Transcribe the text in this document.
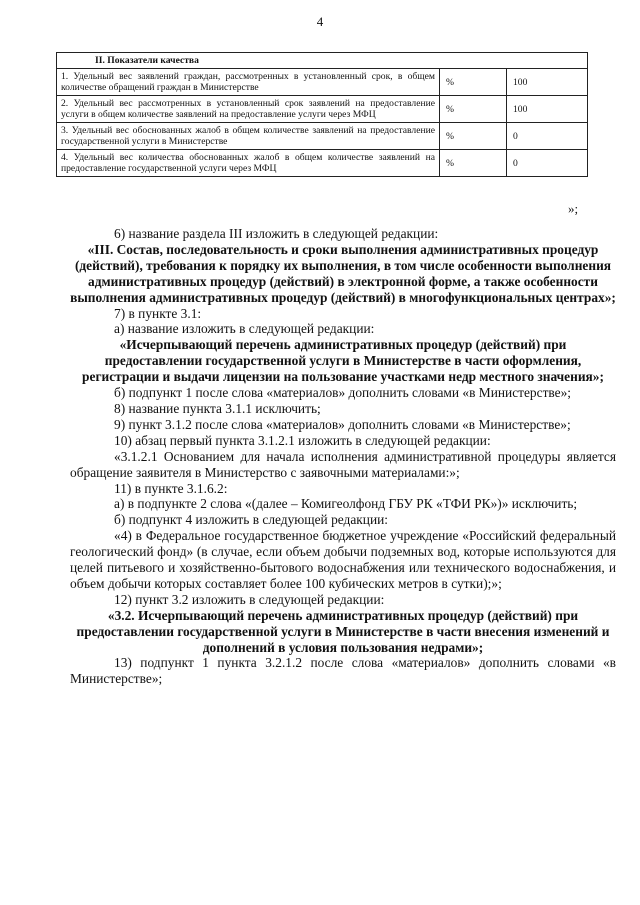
4
II. Показатели качества		
1. Удельный вес заявлений граждан, рассмотренных в установленный срок, в общем количестве обращений граждан в Министерстве	%	100
2. Удельный вес рассмотренных в установленный срок заявлений на предоставление услуги в общем количестве заявлений на предоставление услуги через МФЦ	%	100
3. Удельный вес обоснованных жалоб в общем количестве заявлений на предоставление государственной услуги в Министерстве	%	0
4. Удельный вес количества обоснованных жалоб в общем количестве заявлений на предоставление государственной услуги через МФЦ	%	0
»;

6) название раздела III изложить в следующей редакции:

«III. Состав, последовательность и сроки выполнения административных процедур (действий), требования к порядку их выполнения, в том числе особенности выполнения административных процедур (действий) в электронной форме, а также особенности выполнения административных процедур (действий) в многофункциональных центрах»;

7) в пункте 3.1:

а) название изложить в следующей редакции:

«Исчерпывающий перечень административных процедур (действий) при предоставлении государственной услуги в Министерстве в части оформления, регистрации и выдачи лицензии на пользование участками недр местного значения»;

б) подпункт 1 после слова «материалов» дополнить словами «в Министерстве»;

8) название пункта 3.1.1 исключить;

9) пункт 3.1.2 после слова «материалов» дополнить словами «в Министерстве»;

10) абзац первый пункта 3.1.2.1 изложить в следующей редакции:

«3.1.2.1 Основанием для начала исполнения административной процедуры является обращение заявителя в Министерство с заявочными материалами:»;

11) в пункте 3.1.6.2:

а) в подпункте 2 слова «(далее – Комигеолфонд ГБУ РК «ТФИ РК»)» исключить;

б) подпункт 4 изложить в следующей редакции:

«4) в Федеральное государственное бюджетное учреждение «Российский федеральный геологический фонд» (в случае, если объем добычи подземных вод, которые используются для целей питьевого и хозяйственно-бытового водоснабжения или технического водоснабжения, и объем добычи которых составляет более 100 кубических метров в сутки);»;

12) пункт 3.2 изложить в следующей редакции:

«3.2. Исчерпывающий перечень административных процедур (действий) при предоставлении государственной услуги в Министерстве в части внесения изменений и дополнений в условия пользования недрами»;

13) подпункт 1 пункта 3.2.1.2 после слова «материалов» дополнить словами «в Министерстве»;
